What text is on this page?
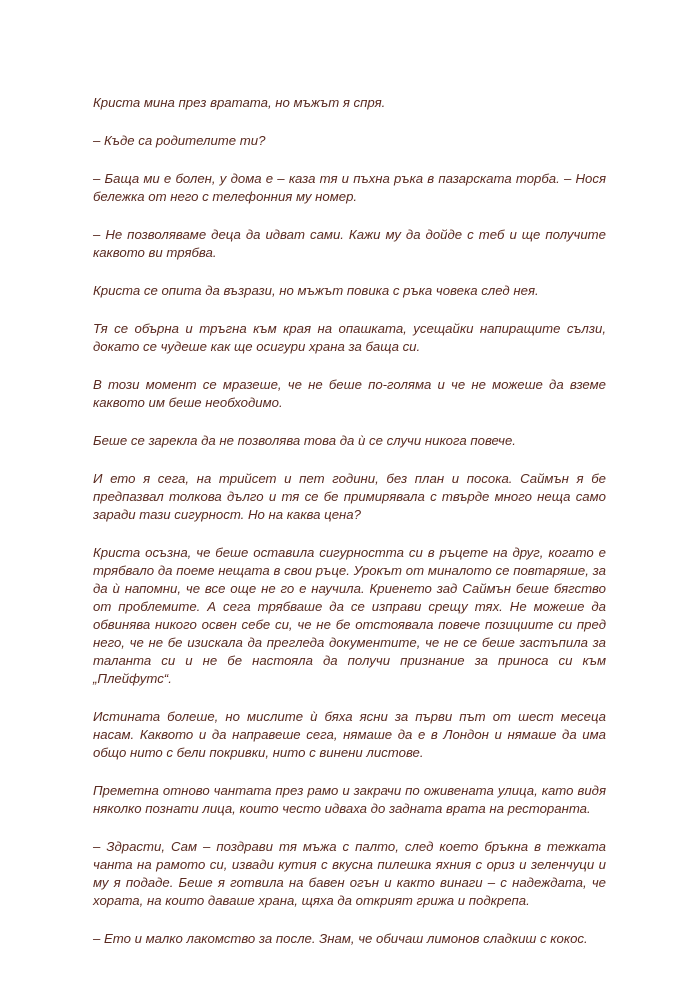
Криста мина през вратата, но мъжът я спря.

– Къде са родителите ти?

– Баща ми е болен, у дома е – каза тя и пъхна ръка в пазарската торба. – Нося бележка от него с телефонния му номер.

– Не позволяваме деца да идват сами. Кажи му да дойде с теб и ще получите каквото ви трябва.

Криста се опита да възрази, но мъжът повика с ръка човека след нея.

Тя се обърна и тръгна към края на опашката, усещайки напиращите сълзи, докато се чудеше как ще осигури храна за баща си.

В този момент се мразеше, че не беше по-голяма и че не можеше да вземе каквото им беше необходимо.

Беше се зарекла да не позволява това да ѝ се случи никога повече.

И ето я сега, на трийсет и пет години, без план и посока. Саймън я бе предпазвал толкова дълго и тя се бе примирявала с твърде много неща само заради тази сигурност. Но на каква цена?

Криста осъзна, че беше оставила сигурността си в ръцете на друг, когато е трябвало да поеме нещата в свои ръце. Урокът от миналото се повтаряше, за да ѝ напомни, че все още не го е научила. Криенето зад Саймън беше бягство от проблемите. А сега трябваше да се изправи срещу тях. Не можеше да обвинява никого освен себе си, че не бе отстоявала повече позициите си пред него, че не бе изискала да прегледа документите, че не се беше застъпила за таланта си и не бе настояла да получи признание за приноса си към „Плейфутс“.

Истината болеше, но мислите ѝ бяха ясни за първи път от шест месеца насам. Каквото и да направеше сега, нямаше да е в Лондон и нямаше да има общо нито с бели покривки, нито с винени листове.

Преметна отново чантата през рамо и закрачи по оживената улица, като видя няколко познати лица, които често идваха до задната врата на ресторанта.

– Здрасти, Сам – поздрави тя мъжа с палто, след което бръкна в тежката чанта на рамото си, извади кутия с вкусна пилешка яхния с ориз и зеленчуци и му я подаде. Беше я готвила на бавен огън и както винаги – с надеждата, че хората, на които даваше храна, щяха да открият грижа и подкрепа.

– Ето и малко лакомство за после. Знам, че обичаш лимонов сладкиш с кокос.
